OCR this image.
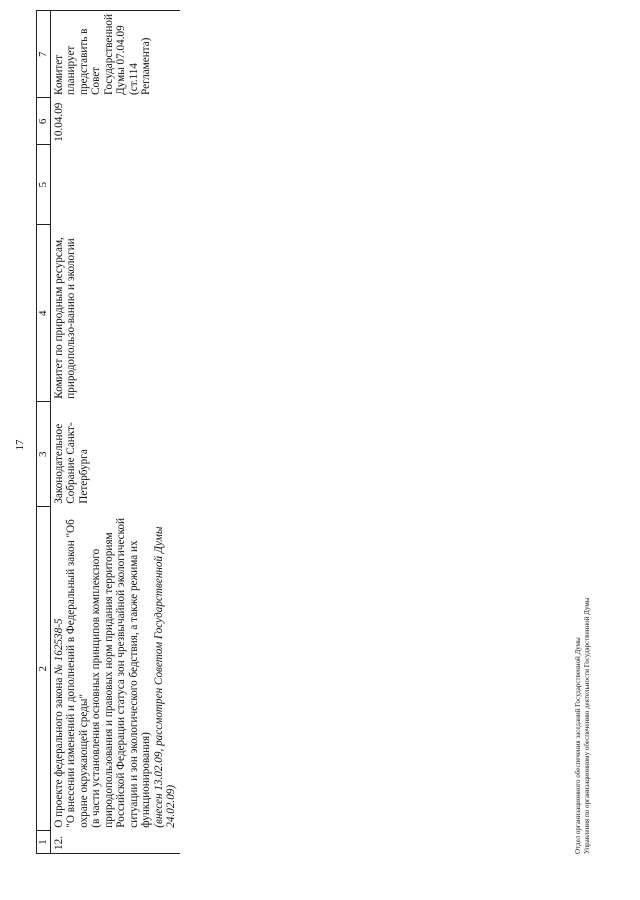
17
1	2	3	4	5	6	7
12.	О проекте федерального закона № 162538-5
"О внесении изменений и дополнений в Федеральный закон "Об охране окружающей среды" (в части установления основных принципов комплексного природопользования и правовых норм придания территориям Российской Федерации статуса зон чрезвычайной экологической ситуации и зон экологического бедствия, а также режима их функционирования) (внесен 13.02.09, рассмотрен Советом Государственной Думы 24.02.09)	Законодательное Собрание Санкт-Петербурга	Комитет по природным ресурсам, природопользо-ванию и экологии		10.04.09	Комитет планирует представить в Совет Государственной Думы 07.04.09 (ст.114 Регламента)
Отдел организационного обеспечения заседаний Государственной Думы Управления по организационному обеспечению деятельности Государственной Думы
